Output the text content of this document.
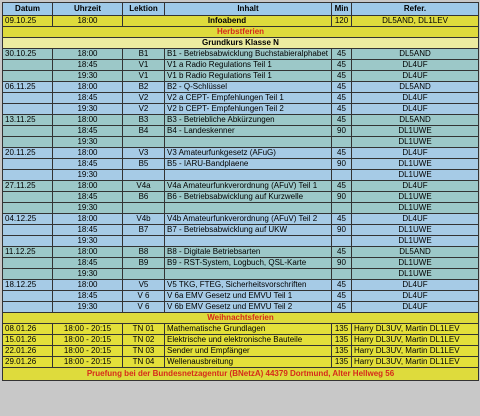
Datum	Uhrzeit	Lektion	Inhalt	Min	Refer.
09.10.25	18:00	Infoabend		120	DL5AND, DL1LEV
Herbstferien					
Grundkurs Klasse N					
30.10.25	18:00	B1	B1 - Betriebsabwicklung Buchstabieralphabet	45	DL5AND
	18:45	V1	V1 a Radio Regulations Teil 1	45	DL4UF
	19:30	V1	V1 b Radio Regulations Teil 1	45	DL4UF
06.11.25	18:00	B2	B2 - Q-Schlüssel	45	DL5AND
	18:45	V2	V2 a CEPT- Empfehlungen Teil 1	45	DL4UF
	19:30	V2	V2 b CEPT- Empfehlungen Teil 2	45	DL4UF
13.11.25	18:00	B3	B3 - Betriebliche Abkürzungen	45	DL5AND
	18:45	B4	B4 - Landeskenner	90	DL1UWE
	19:30				DL1UWE
20.11.25	18:00	V3	V3 Amateurfunkgesetz (AFuG)	45	DL4UF
	18:45	B5	B5 - IARU-Bandplaene	90	DL1UWE
	19:30				DL1UWE
27.11.25	18:00	V4a	V4a Amateurfunkverordnung (AFuV) Teil 1	45	DL4UF
	18:45	B6	B6 - Betriebsabwicklung auf Kurzwelle	90	DL1UWE
	19:30				DL1UWE
04.12.25	18:00	V4b	V4b Amateurfunkverordnung (AFuV) Teil 2	45	DL4UF
	18:45	B7	B7 - Betriebsabwicklung auf UKW	90	DL1UWE
	19:30				DL1UWE
11.12.25	18:00	B8	B8 - Digitale Betriebsarten	45	DL5AND
	18:45	B9	B9 - RST-System, Logbuch, QSL-Karte	90	DL1UWE
	19:30				DL1UWE
18.12.25	18:00	V5	V5 TKG, FTEG, Sicherheitsvorschriften	45	DL4UF
	18:45	V 6	V 6a EMV Gesetz und EMVU Teil 1	45	DL4UF
	19:30	V 6	V 6b EMV Gesetz und EMVU Teil 2	45	DL4UF
Weihnachtsferien					
08.01.26	18:00 - 20:15	TN 01	Mathematische Grundlagen	135	Harry DL3UV, Martin DL1LEV
15.01.26	18:00 - 20:15	TN 02	Elektrische und elektronische Bauteile	135	Harry DL3UV, Martin DL1LEV
22.01.26	18:00 - 20:15	TN 03	Sender und Empfänger	135	Harry DL3UV, Martin DL1LEV
29.01.26	18:00 - 20:15	TN 04	Wellenausbreitung	135	Harry DL3UV, Martin DL1LEV
Pruefung bei der Bundesnetzagentur (BNetzA) 44379 Dortmund, Alter Hellweg 56					
